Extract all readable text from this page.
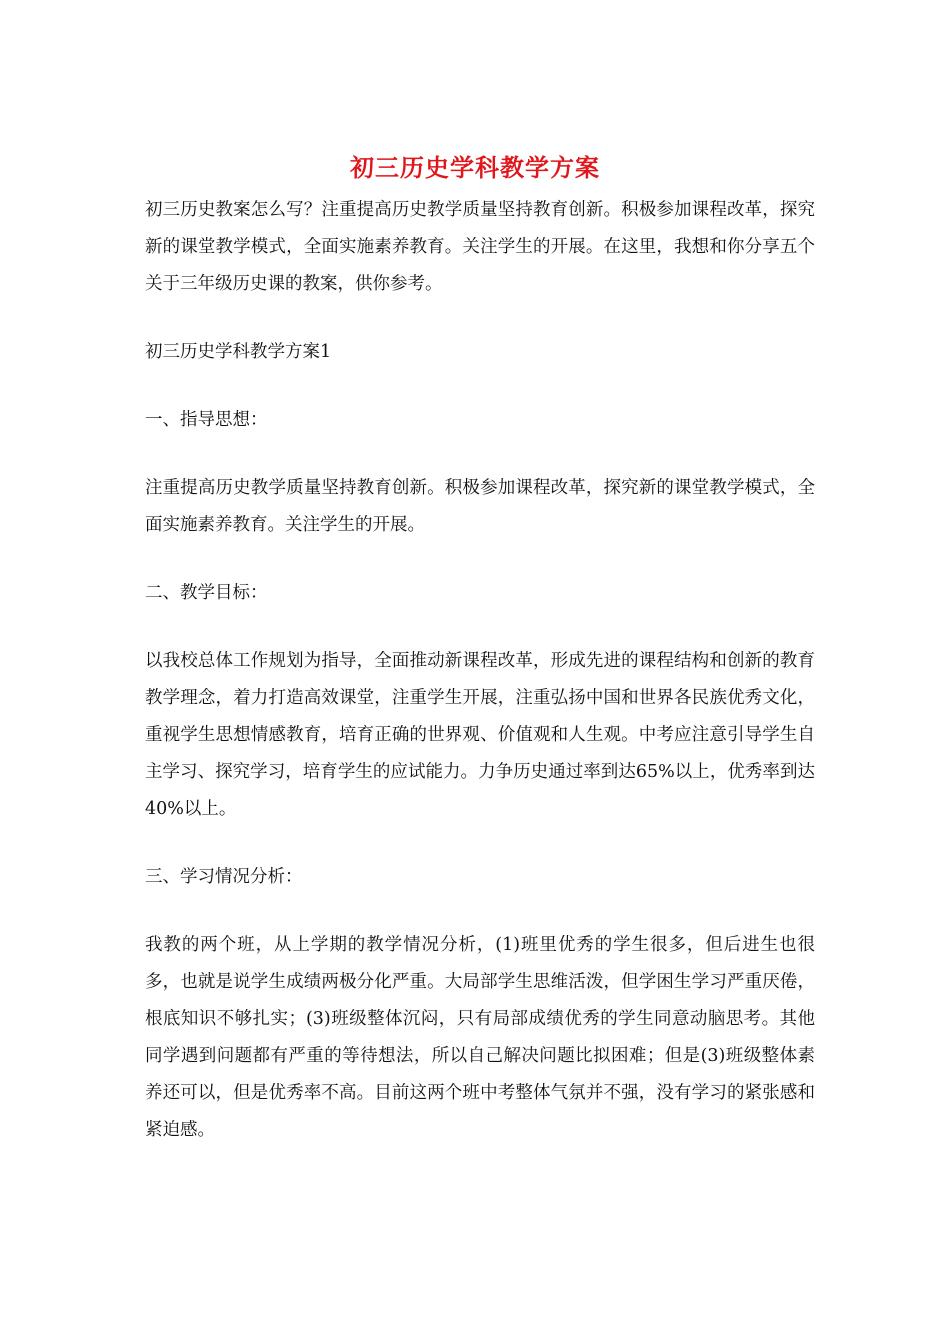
初三历史学科教学方案

初三历史教案怎么写？注重提高历史教学质量坚持教育创新。积极参加课程改革，探究新的课堂教学模式，全面实施素养教育。关注学生的开展。在这里，我想和你分享五个关于三年级历史课的教案，供你参考。

初三历史学科教学方案1

一、指导思想：

注重提高历史教学质量坚持教育创新。积极参加课程改革，探究新的课堂教学模式，全面实施素养教育。关注学生的开展。

二、教学目标：

以我校总体工作规划为指导，全面推动新课程改革，形成先进的课程结构和创新的教育教学理念，着力打造高效课堂，注重学生开展，注重弘扬中国和世界各民族优秀文化，重视学生思想情感教育，培育正确的世界观、价值观和人生观。中考应注意引导学生自主学习、探究学习，培育学生的应试能力。力争历史通过率到达65%以上，优秀率到达40%以上。

三、学习情况分析：

我教的两个班，从上学期的教学情况分析，(1)班里优秀的学生很多，但后进生也很多，也就是说学生成绩两极分化严重。大局部学生思维活泼，但学困生学习严重厌倦，根底知识不够扎实；(3)班级整体沉闷，只有局部成绩优秀的学生同意动脑思考。其他同学遇到问题都有严重的等待想法，所以自己解决问题比拟困难；但是(3)班级整体素养还可以，但是优秀率不高。目前这两个班中考整体气氛并不强，没有学习的紧张感和紧迫感。
